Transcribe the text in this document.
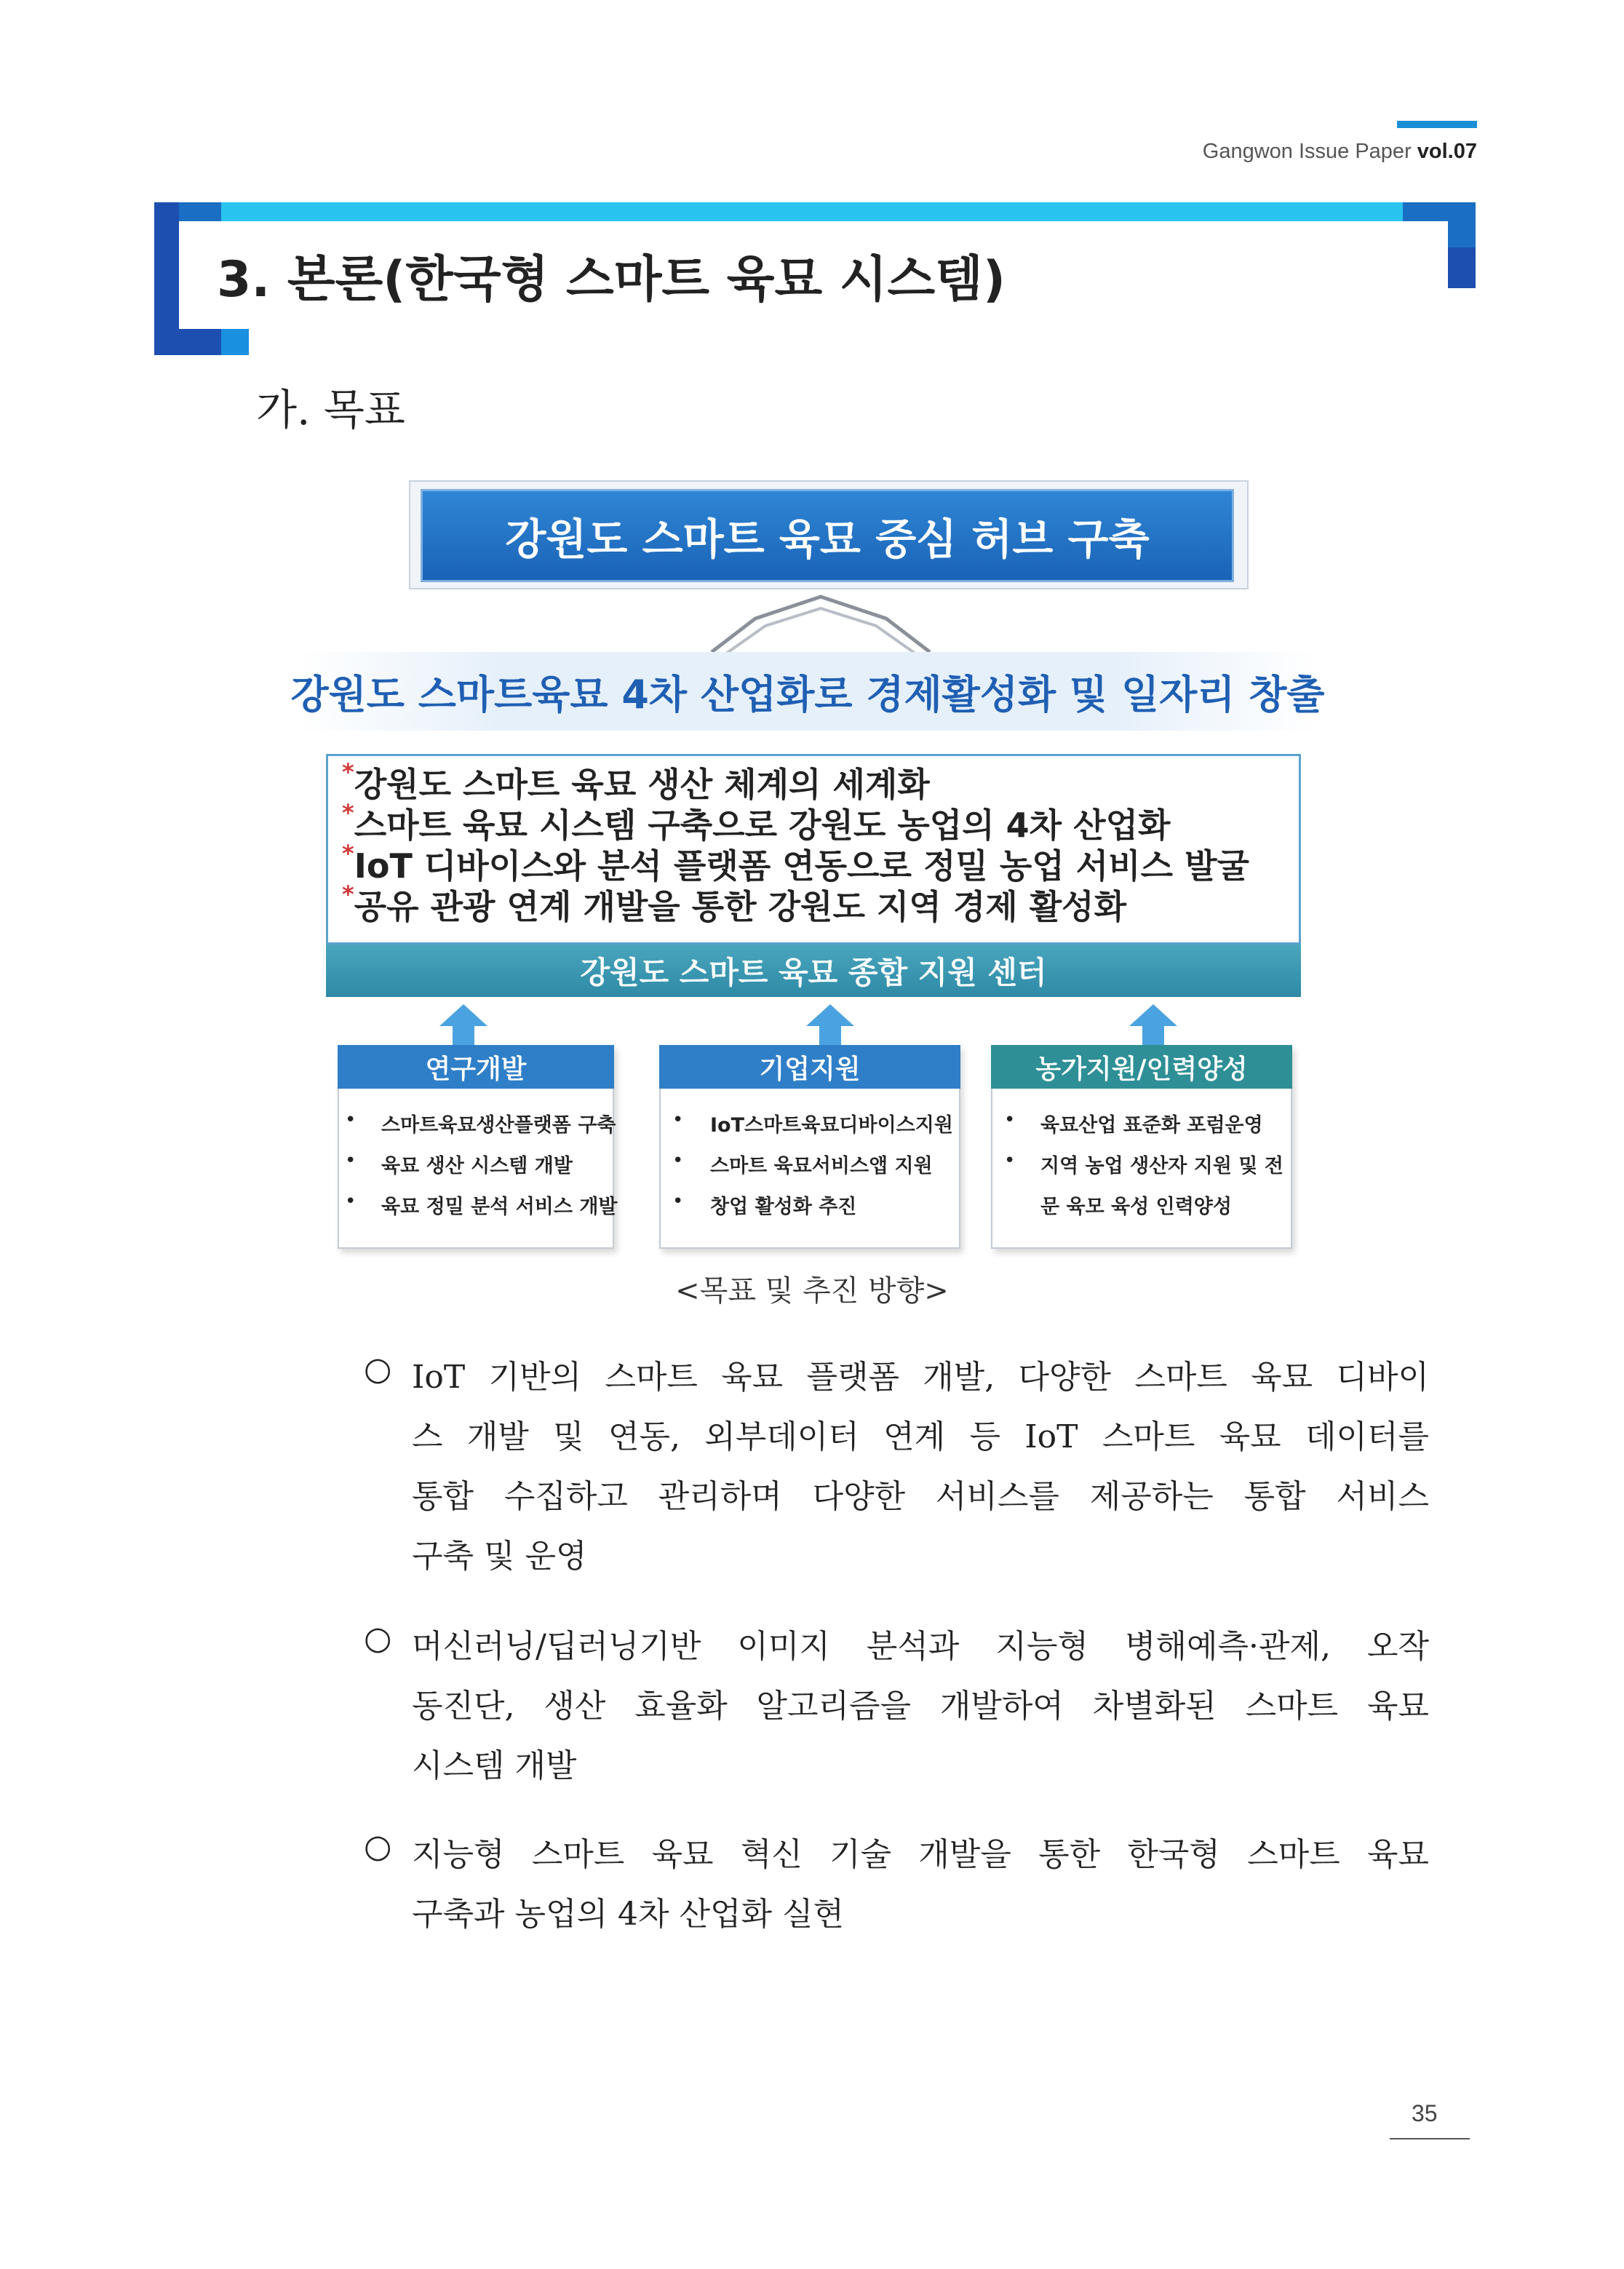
Gangwon Issue Paper vol.07
3. 본론(한국형 스마트 육묘 시스템)
가. 목표
강원도 스마트 육묘 중심 허브 구축
강원도 스마트육묘 4차 산업화로 경제활성화 및 일자리 창출
*강원도 스마트 육묘 생산 체계의 세계화
*스마트 육묘 시스템 구축으로 강원도 농업의 4차 산업화
*IoT 디바이스와 분석 플랫폼 연동으로 정밀 농업 서비스 발굴
*공유 관광 연계 개발을 통한 강원도 지역 경제 활성화
강원도 스마트 육묘 종합 지원 센터
연구개발
• 스마트육묘생산플랫폼 구축
• 육묘 생산 시스템 개발
• 육묘 정밀 분석 서비스 개발
기업지원
• IoT스마트육묘디바이스지원
• 스마트 육묘서비스앱 지원
• 창업 활성화 추진
농가지원/인력양성
• 육묘산업 표준화 포럼운영
• 지역 농업 생산자 지원 및 전
문 육모 육성 인력양성
<목표 및 추진 방향>
○ IoT 기반의 스마트 육묘 플랫폼 개발, 다양한 스마트 육묘 디바이
스 개발 및 연동, 외부데이터 연계 등 IoT 스마트 육묘 데이터를
통합 수집하고 관리하며 다양한 서비스를 제공하는 통합 서비스
구축 및 운영
○ 머신러닝/딥러닝기반 이미지 분석과 지능형 병해예측·관제, 오작
동진단, 생산 효율화 알고리즘을 개발하여 차별화된 스마트 육묘
시스템 개발
○ 지능형 스마트 육묘 혁신 기술 개발을 통한 한국형 스마트 육묘
구축과 농업의 4차 산업화 실현
35
